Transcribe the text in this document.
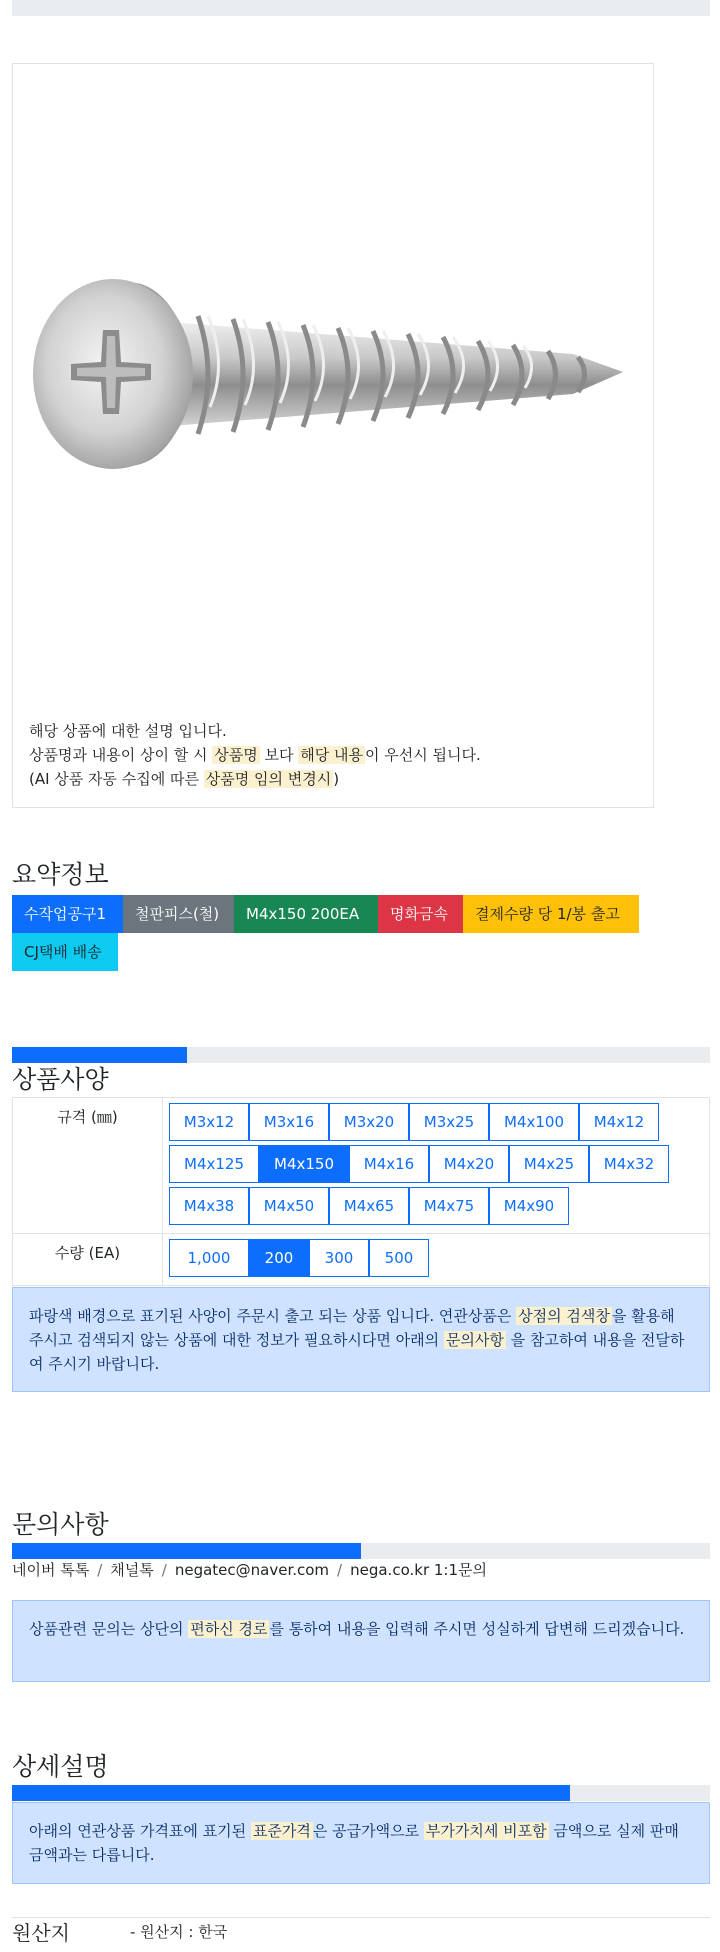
해당 상품에 대한 설명 입니다.
상품명과 내용이 상이 할 시 상품명 보다 해당 내용 이 우선시 됩니다.
(AI 상품 자동 수집에 따른 상품명 임의 변경시 )
요약정보
수작업공구1	철판피스(철)	M4x150 200EA	명화금속	결제수량 당 1/봉 출고
CJ택배 배송
상품사양
규격 (㎜)	M3x12	M3x16	M3x20	M3x25	M4x100	M4x12
M4x125	M4x150	M4x16	M4x20	M4x25	M4x32
M4x38	M4x50	M4x65	M4x75	M4x90
수량 (EA)	1,000	200	300	500
파랑색 배경으로 표기된 사양이 주문시 출고 되는 상품 입니다. 연관상품은 상점의 검색창 을 활용해 주시고 검색되지 않는 상품에 대한 정보가 필요하시다면 아래의 문의사항 을 참고하여 내용을 전달하여 주시기 바랍니다.
문의사항
네이버 톡톡 / 채널톡 / negatec@naver.com / nega.co.kr 1:1문의
상품관련 문의는 상단의 편하신 경로 를 통하여 내용을 입력해 주시면 성실하게 답변해 드리겠습니다.
상세설명
아래의 연관상품 가격표에 표기된 표준가격 은 공급가액으로 부가가치세 비포함 금액으로 실제 판매금액과는 다릅니다.
원산지	- 원산지 : 한국
